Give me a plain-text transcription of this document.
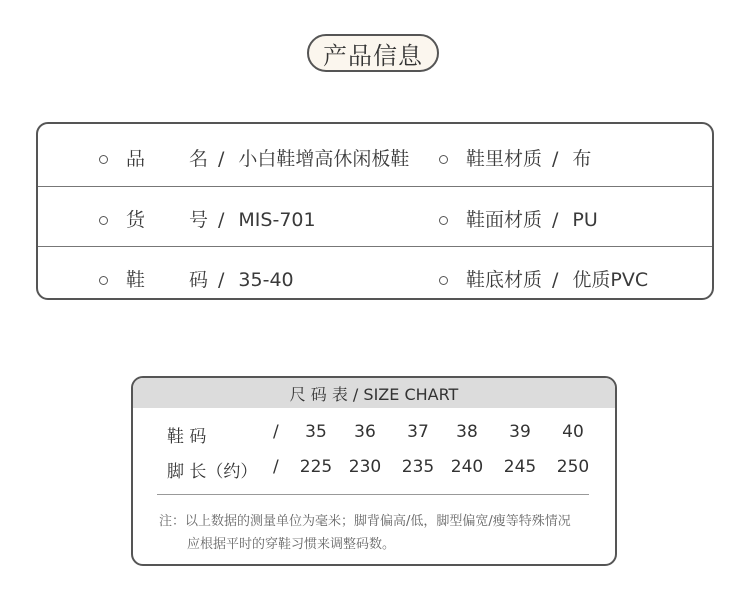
产品信息
品名 / 小白鞋增高休闲板鞋	鞋里材质 / 布
货号 / MIS-701	鞋面材质 / PU
鞋码 / 35-40	鞋底材质 / 优质PVC
尺 码 表 / SIZE CHART
鞋 码	/	35	36	37	38	39	40
脚 长（约） / 225 230 235 240 245 250
注：以上数据的测量单位为毫米；脚背偏高/低，脚型偏宽/瘦等特殊情况
应根据平时的穿鞋习惯来调整码数。
